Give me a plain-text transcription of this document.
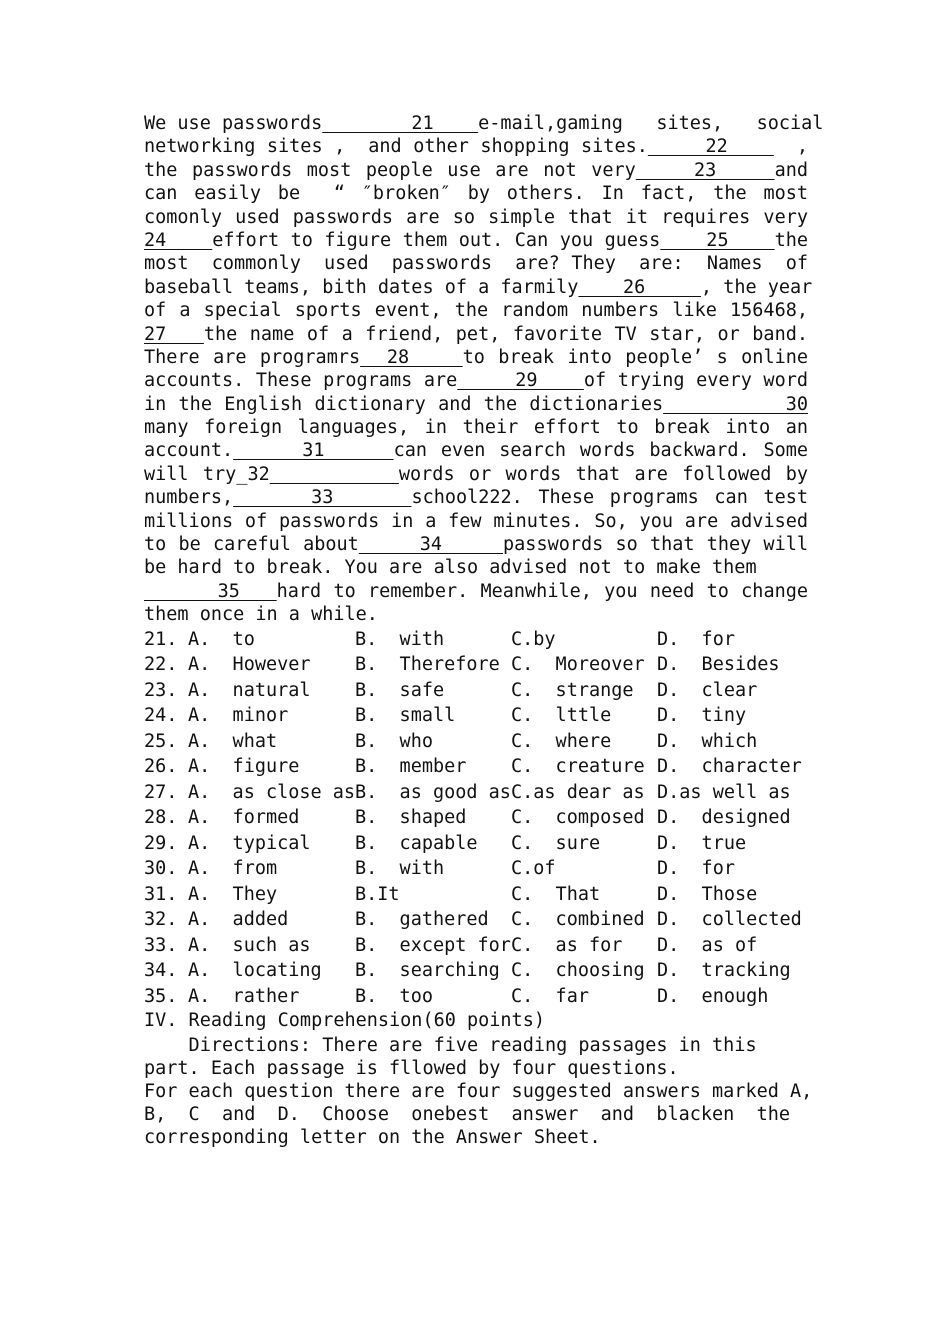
We use passwords        21    e-mail,gaming   sites,   social
networking sites ,  and other shopping sites.     22      ,
the passwords most people use are not very    23    and
can easily be  “ ″broken″ by others. In fact, the most
comonly used passwords are so simple that it requires very
24    effort to figure them out. Can you guess    25    the
most  commonly  used  passwords  are? They  are:  Names  of
baseball teams, bith dates of a farmily    26     , the year
of a special sports event, the random numbers like 156468,
27   the name of a friend, pet, favorite TV star, or band.
There are programrs  28    to break into people’ s online
accounts. These programs are     29    of trying every word
in the English dictionary and the dictionaries          30
many foreign languages, in their effort to break into an
account.     31     can even search words backward. Some
will try_32	words or words that are followed by
numbers,     33     school222. These programs can test
millions of passwords in a few minutes. So, you are advised
to be careful about     34     passwords so that they will
be hard to break. You are also advised not to make them
35   hard to remember. Meanwhile, you need to change
them once in a while.
21. A.  to	B.  with	C.by	D.  for
22. A.  However	B.  Therefore C.  Moreover D.  Besides
23. A.  natural	B.  safe	C.  strange	D.  clear
24. A.  minor	B.  small	C.  lttle	D.  tiny
25. A.  what	B.  who	C.  where	D.  which
26. A.  figure	B.  member	C.  creature D.  character
27. A.  as close as B.  as good as C.as dear as D.as well as
28. A.  formed	B.  shaped	C.  composed D.  designed
29. A.  typical	B.  capable	C.  sure	D.  true
30. A.  from	B.  with	C.of	D.  for
31. A.  They	B.It	C.  That	D.  Those
32. A.  added	B.  gathered	C.  combined D.  collected
33. A.  such as	B.  except for C.  as for	D.  as of
34. A.  locating	B.  searching C.  choosing D.  tracking
35. A.  rather	B.  too	C.  far	D.  enough
IV. Reading Comprehension(60 points)
Directions: There are five reading passages in this
part. Each passage is fllowed by four questions.
For each question there are four suggested answers marked A,
B,  C  and  D.  Choose  onebest  answer  and  blacken  the
corresponding letter on the Answer Sheet.
